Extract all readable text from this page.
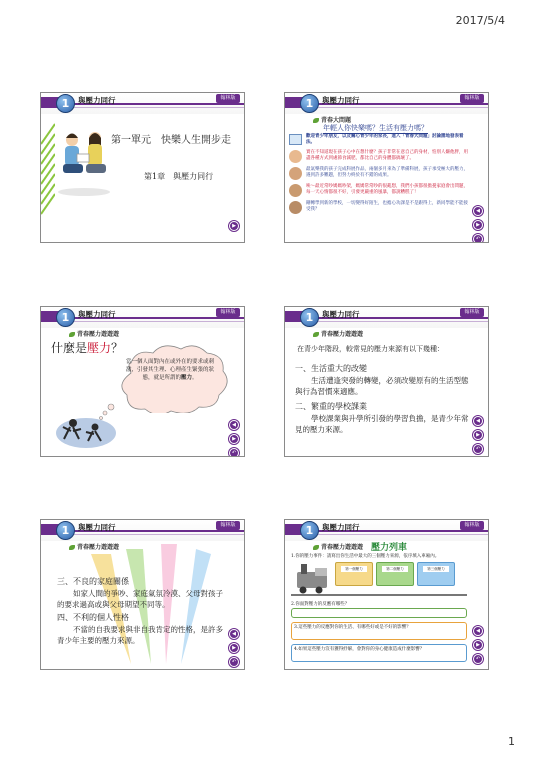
2017/5/4
1	與壓力同行	翰林版
第一單元　快樂人生開步走
第1章　與壓力同行
▶
1	與壓力同行	翰林版
青春大問題
年輕人你快樂嗎？生活有壓力嗎？
歡迎青少年朋友，以及關心青少年的家長，進入「青春大問題」討論園地發表看法。
實在不知道現在孩子心中在想什麼？孩子非常在意自己的身材，怕別人嫌他胖，用盡各種方式到處節食減肥，都比自己的身體都搞壞了。
最氣樂我的孩子完成科展作品，兩個多月來為了準備科展，孩子承受極大的壓力，遇到許多難題，但努力終於有不錯的成果。
唉～最近常吵媽媽吵架，媽媽常常吵的很亂想，我們小孩都很擔憂家庭會出問題，每一天心情都很不好，引發更嚴重的風暴，都說糟糕了！
剛轉學到新的學校，一切變得好陌生，也擔心功課是不是跟得上，新同學能不能接受我？	◀
▶
↶
1	與壓力同行	翰林版
青春壓力遊遊遊
什麼是壓力？
當一個人面對內在或外在的要求或刺激，引發其生理、心理產生緊張的狀態，就是所謂的壓力。
◀
▶
↶
1	與壓力同行	翰林版
青春壓力遊遊遊
在青少年階段，較常見的壓力來源有以下幾種：
一、生活重大的改變
生活遭逢突發的轉變，必須改變原有的生活型態與行為習慣來適應。
二、繁重的學校課業
學校課業與升學所引發的學習負擔，是青少年常見的壓力來源。
◀
▶
↶
1	與壓力同行	翰林版
青春壓力遊遊遊
三、不良的家庭關係
如家人間的爭吵、家庭氣氛冷漠、父母對孩子的要求過高或與父母期望不同等。
四、不利的個人性格
不當的自我要求與非自我肯定的性格，是許多青少年主要的壓力來源。
◀
▶
↶
1	與壓力同行	翰林版
青春壓力遊遊遊 壓力列車
1.你的壓力事件：請寫出你生活中最大的三個壓力來源，依序填入車廂內。
第一個壓力	第二個壓力	第三個壓力
2.你面對壓力的反應有哪些？
3.這些壓力的反應對你的生活、有哪些好或是不好的影響？
4.如果這些壓力沒有獲得紓解，會對你的身心健康造成什麼影響？
◀
▶
↶
1
